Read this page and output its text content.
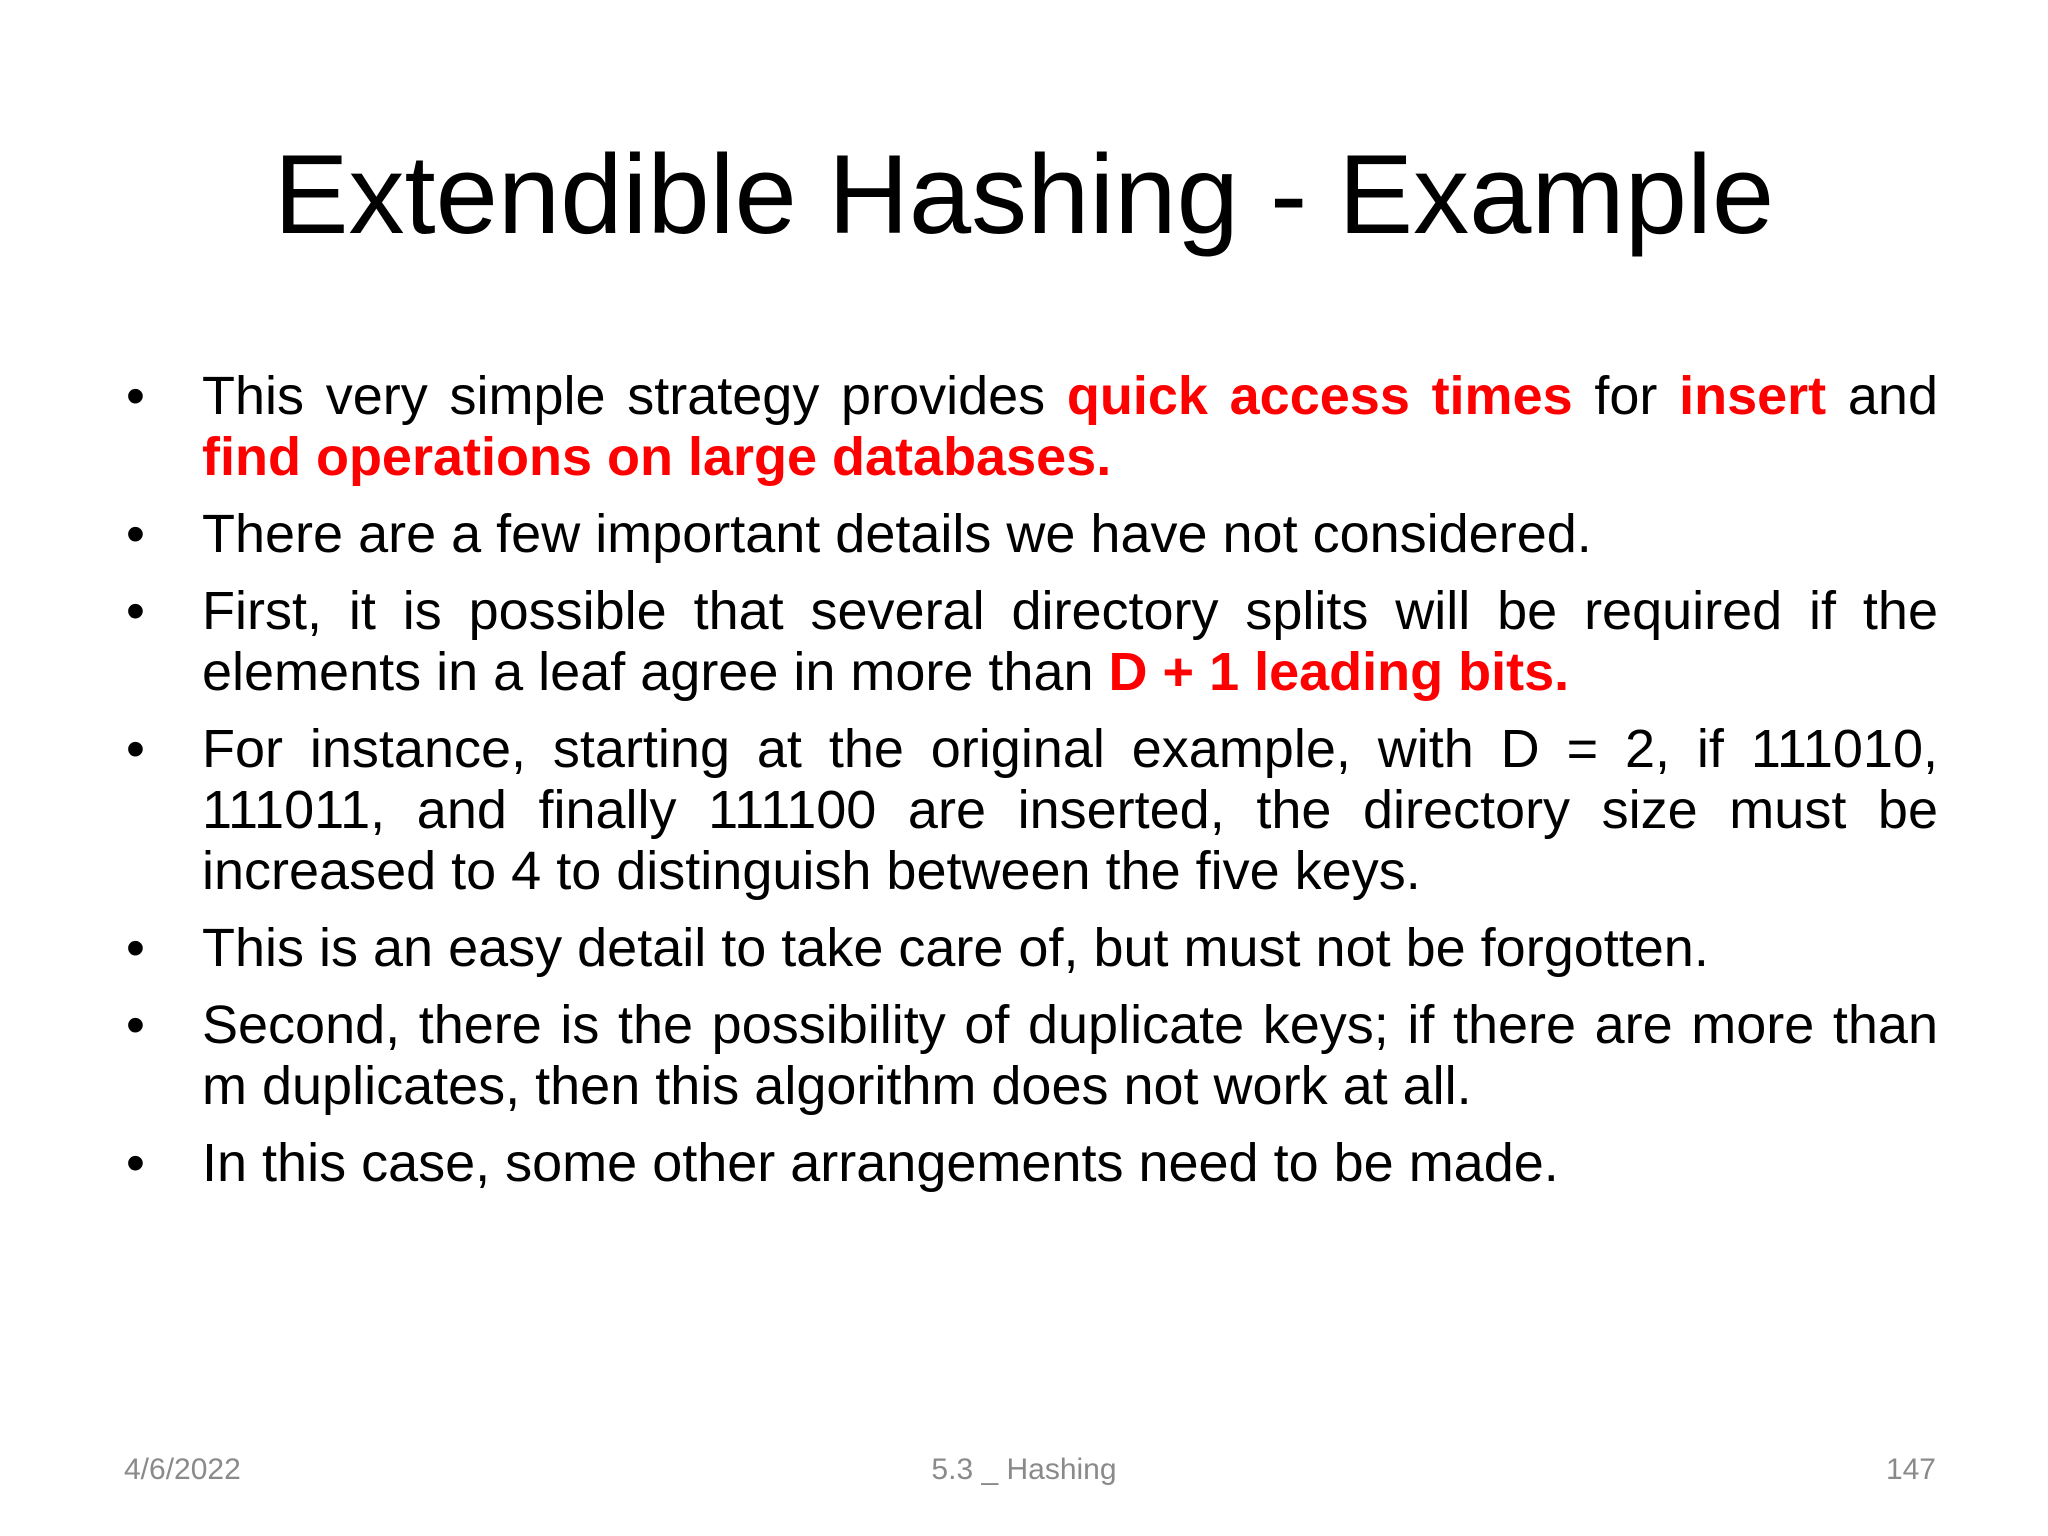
Extendible Hashing - Example
• This very simple strategy provides quick access times for insert and find operations on large databases.
• There are a few important details we have not considered.
• First, it is possible that several directory splits will be required if the elements in a leaf agree in more than D + 1 leading bits.
• For instance, starting at the original example, with D = 2, if 111010, 111011, and finally 111100 are inserted, the directory size must be increased to 4 to distinguish between the five keys.
• This is an easy detail to take care of, but must not be forgotten.
• Second, there is the possibility of duplicate keys; if there are more than m duplicates, then this algorithm does not work at all.
• In this case, some other arrangements need to be made.
4/6/2022	5.3 _ Hashing	147
